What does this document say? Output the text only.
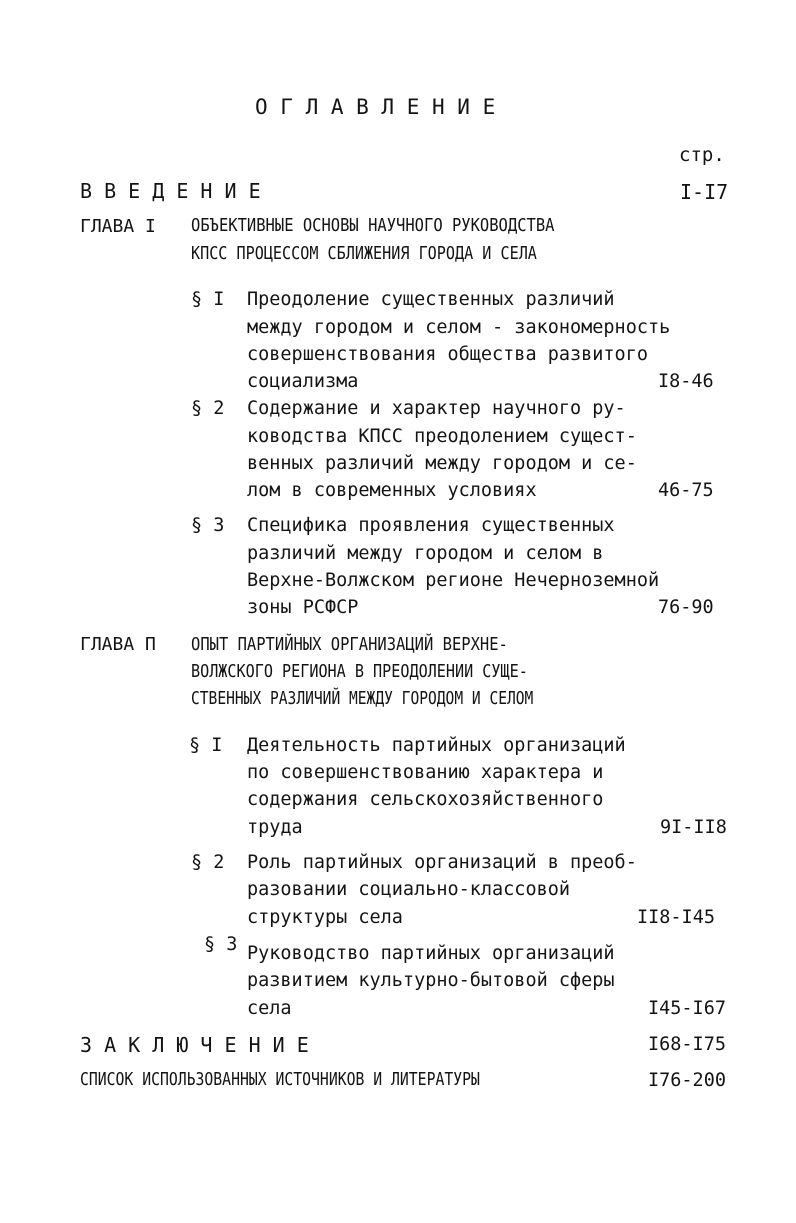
О Г Л А В Л Е Н И Е
стр.
В В Е Д Е Н И Е	I-I7
ГЛАВА I ОБЪЕКТИВНЫЕ ОСНОВЫ НАУЧНОГО РУКОВОДСТВА
КПСС ПРОЦЕССОМ СБЛИЖЕНИЯ ГОРОДА И СЕЛА
§ I Преодоление существенных различий
между городом и селом - закономерность
совершенствования общества развитого
социализма	I8-46
§ 2 Содержание и характер научного ру-
ководства КПСС преодолением сущест-
венных различий между городом и се-
лом в современных условиях	46-75
§ 3 Специфика проявления существенных
различий между городом и селом в
Верхне-Волжском регионе Нечерноземной
зоны РСФСР	76-90
ГЛАВА П ОПЫТ ПАРТИЙНЫХ ОРГАНИЗАЦИЙ ВЕРХНЕ-
ВОЛЖСКОГО РЕГИОНА В ПРЕОДОЛЕНИИ СУЩЕ-
СТВЕННЫХ РАЗЛИЧИЙ МЕЖДУ ГОРОДОМ И СЕЛОМ
§ I Деятельность партийных организаций
по совершенствованию характера и
содержания сельскохозяйственного
труда	9I-II8
§ 2 Роль партийных организаций в преоб-
разовании социально-классовой
структуры села	II8-I45
§ 3 Руководство партийных организаций
развитием культурно-бытовой сферы
села	I45-I67
З А К Л Ю Ч Е Н И Е	I68-I75
СПИСОК ИСПОЛЬЗОВАННЫХ ИСТОЧНИКОВ И ЛИТЕРАТУРЫ	I76-200
